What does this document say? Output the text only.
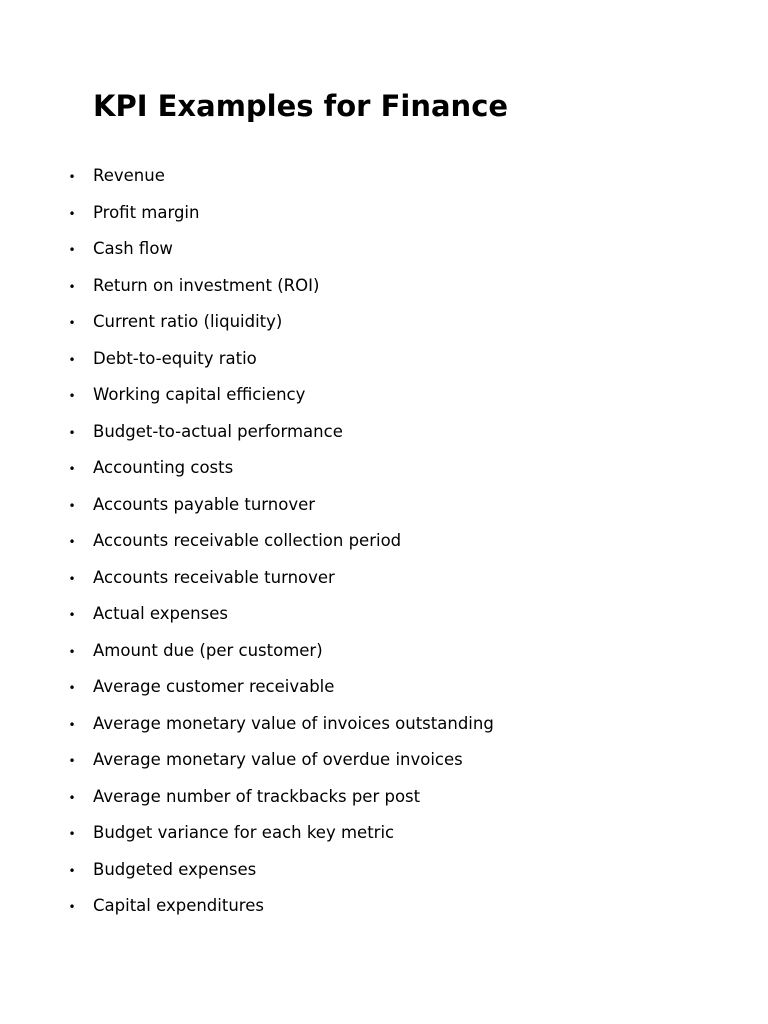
KPI Examples for Finance
• Revenue
• Profit margin
• Cash flow
• Return on investment (ROI)
• Current ratio (liquidity)
• Debt-to-equity ratio
• Working capital efficiency
• Budget-to-actual performance
• Accounting costs
• Accounts payable turnover
• Accounts receivable collection period
• Accounts receivable turnover
• Actual expenses
• Amount due (per customer)
• Average customer receivable
• Average monetary value of invoices outstanding
• Average monetary value of overdue invoices
• Average number of trackbacks per post
• Budget variance for each key metric
• Budgeted expenses
• Capital expenditures
